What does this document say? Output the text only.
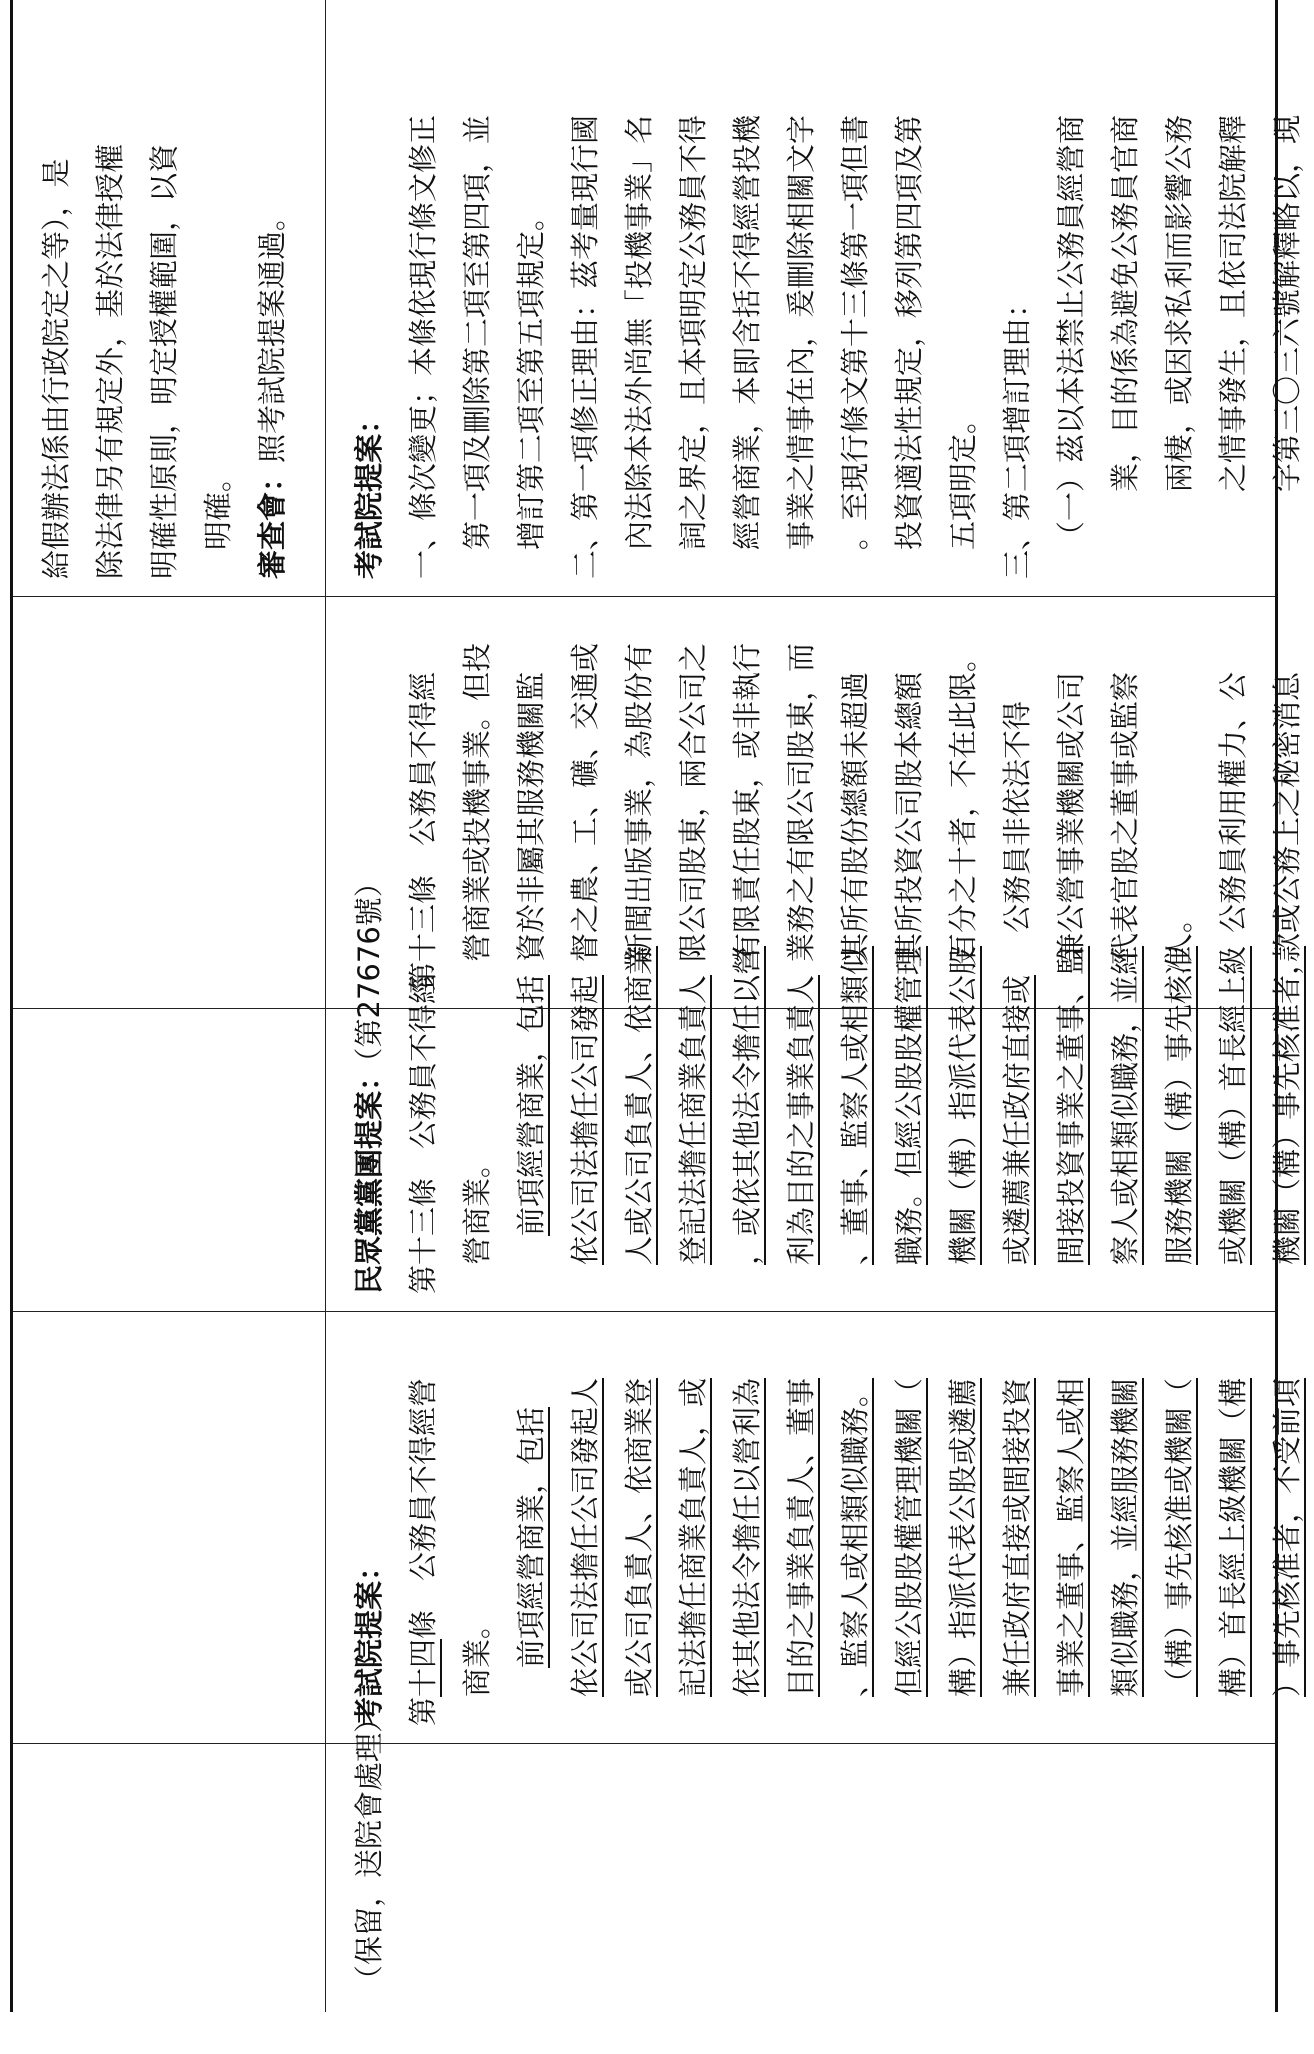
給假辦法係由行政院定之等），是 除法律另有規定外，基於法律授權 明確性原則，明定授權範圍，以資 明確。 審查會：照考試院提案通過。
（保留，送院會處理）
考試院提案： 第十四條　公務員不得經營
商業。 前項經營商業，包括 依公司法擔任公司發起人 或公司負責人、依商業登 記法擔任商業負責人，或 依其他法令擔任以營利為 目的之事業負責人、董事 、監察人或相類似職務。 但經公股股權管理機關（ 構）指派代表公股或遴薦 兼任政府直接或間接投資 事業之董事、監察人或相 類似職務，並經服務機關 （構）事先核准或機關（ 構）首長經上級機關（構 ）事先核准者，不受前項
民眾黨黨團提案：（第27676號）
第十三條　公務員不得經 營商業。 前項經營商業，包括 依公司法擔任公司發起 人或公司負責人、依商業 登記法擔任商業負責人 ，或依其他法令擔任以營 利為目的之事業負責人 、董事、監察人或相類似 職務。但經公股股權管理 機關（構）指派代表公股 或遴薦兼任政府直接或 間接投資事業之董事、監 察人或相類似職務，並經 服務機關（構）事先核准 或機關（構）首長經上級 機關（構）事先核准者，
第十三條　公務員不得經 營商業或投機事業。但投 資於非屬其服務機關監 督之農、工、礦、交通或 新聞出版事業，為股份有 限公司股東，兩合公司之 有限責任股東，或非執行 業務之有限公司股東，而 其所有股份總額未超過 其所投資公司股本總額 百分之十者，不在此限。 公務員非依法不得 兼公營事業機關或公司 代表官股之董事或監察 人。 公務員利用權力、公 款或公務上之秘密消息
考試院提案： 一、條次變更；本條依現行條文修正 第一項及刪除第二項至第四項，並 增訂第二項至第五項規定。 二、第一項修正理由：茲考量現行國 內法除本法外尚無「投機事業」名 詞之界定，且本項明定公務員不得 經營商業，本即含括不得經營投機 事業之情事在內，爰刪除相關文字 。至現行條文第十三條第一項但書 投資適法性規定，移列第四項及第 五項明定。 三、第二項增訂理由： （一）茲以本法禁止公務員經營商 業，目的係為避免公務員官商 兩棲，或因求私利而影響公務 之情事發生，且依司法院解釋 字第三〇三六號解釋略以，現
